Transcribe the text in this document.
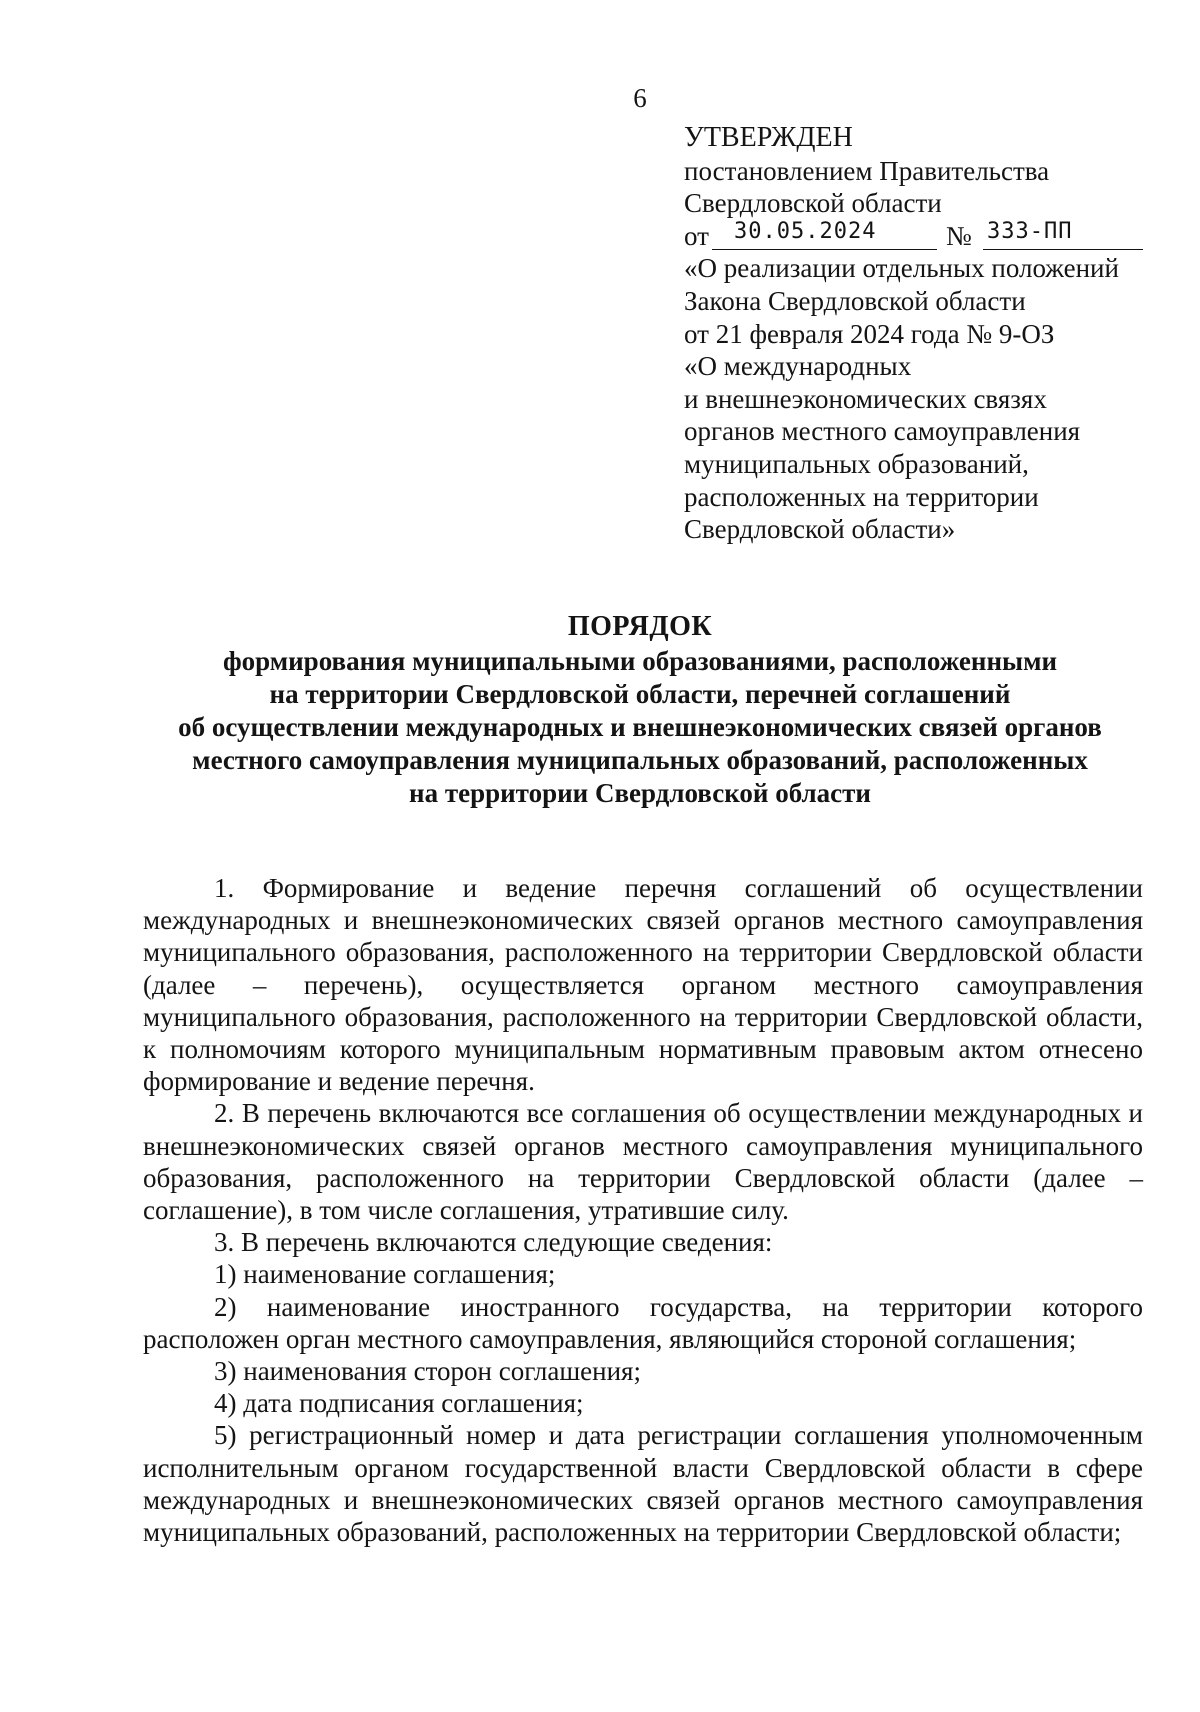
6
УТВЕРЖДЕН
постановлением Правительства
Свердловской области
от	30.05.2024	№ 333-ПП
«О реализации отдельных положений
Закона Свердловской области
от 21 февраля 2024 года № 9-ОЗ
«О международных
и внешнеэкономических связях
органов местного самоуправления
муниципальных образований,
расположенных на территории
Свердловской области»
ПОРЯДОК
формирования муниципальными образованиями, расположенными
на территории Свердловской области, перечней соглашений
об осуществлении международных и внешнеэкономических связей органов
местного самоуправления муниципальных образований, расположенных
на территории Свердловской области

1. Формирование и ведение перечня соглашений об осуществлении международных и внешнеэкономических связей органов местного самоуправления муниципального образования, расположенного на территории Свердловской области (далее – перечень), осуществляется органом местного самоуправления муниципального образования, расположенного на территории Свердловской области, к полномочиям которого муниципальным нормативным правовым актом отнесено формирование и ведение перечня.

2. В перечень включаются все соглашения об осуществлении международных и внешнеэкономических связей органов местного самоуправления муниципального образования, расположенного на территории Свердловской области (далее – соглашение), в том числе соглашения, утратившие силу.

3. В перечень включаются следующие сведения:

1) наименование соглашения;

2) наименование иностранного государства, на территории которого расположен орган местного самоуправления, являющийся стороной соглашения;

3) наименования сторон соглашения;

4) дата подписания соглашения;

5) регистрационный номер и дата регистрации соглашения уполномоченным исполнительным органом государственной власти Свердловской области в сфере международных и внешнеэкономических связей органов местного самоуправления муниципальных образований, расположенных на территории Свердловской области;
